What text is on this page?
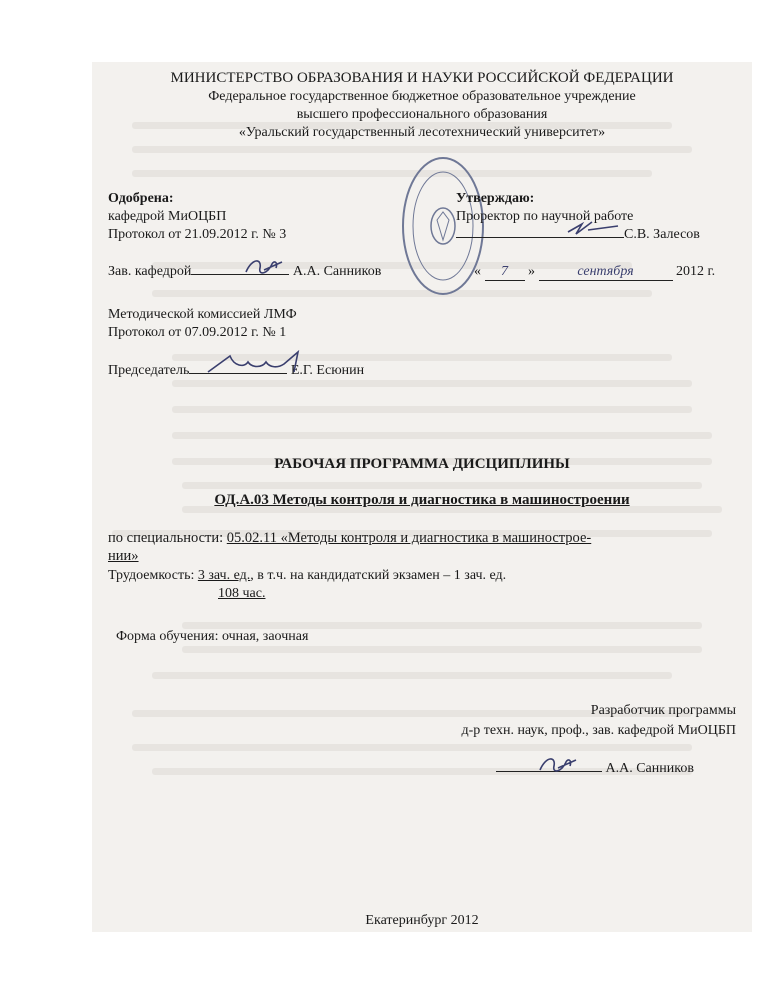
МИНИСТЕРСТВО ОБРАЗОВАНИЯ И НАУКИ РОССИЙСКОЙ ФЕДЕРАЦИИ
Федеральное государственное бюджетное образовательное учреждение
высшего профессионального образования
«Уральский государственный лесотехнический университет»
Одобрена:
кафедрой МиОЦБП
Протокол от 21.09.2012 г. № 3
Зав. кафедрой	А.А. Санников
Утверждаю:
Проректор по научной работе
С.В. Залесов
« 7 »	сентября	2012 г.
Методической комиссией ЛМФ
Протокол от 07.09.2012 г. № 1
Председатель	Е.Г. Есюнин
РАБОЧАЯ ПРОГРАММА ДИСЦИПЛИНЫ
ОД.А.03 Методы контроля и диагностика в машиностроении
по специальности: 05.02.11 «Методы контроля и диагностика в машинострое-
нии»
Трудоемкость: 3 зач. ед., в т.ч. на кандидатский экзамен – 1 зач. ед.
108 час.
Форма обучения: очная, заочная
Разработчик программы
д-р техн. наук, проф., зав. кафедрой МиОЦБП
А.А. Санников
Екатеринбург 2012
